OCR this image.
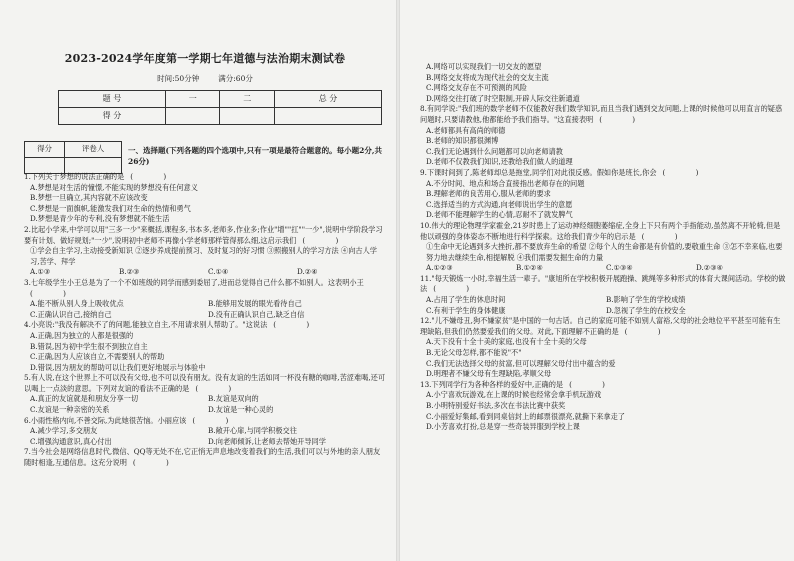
2023-2024学年度第一学期七年道德与法治期末测试卷
时间:50分钟	满分:60分
题 号	一	二	总 分
得 分			
得分	评卷人
		一、选择题(下列各题的四个选项中,只有一项是最符合题意的。每小题2分,共26分)

1.下列关于梦想的说法正确的是 ( )

A.梦想是对生活的憧憬,不能实现的梦想没有任何意义
B.梦想一旦确立,其内容就不应该改变
C.梦想是一面旗帜,能激发我们对生命的热情和勇气
D.梦想是青少年的专利,没有梦想就不能生活

2.比起小学来,中学可以用"三多一少"来概括,课程多,书本多,老师多,作业多;作业"增""扛""一少",说明中学阶段学习要有计划、做好规划;"一少",说明初中老师不再像小学老师那样管得那么细,这启示我们 ( )

①学会自主学习,主动接受新知识 ②逐步养成提前预习、及时复习的好习惯 ③照搬别人的学习方法 ④向古人学习,苦学、拜学
A.①③	B.②③	C.①④	D.②④

3.七年级学生小王总是为了一个不如班级的同学而感到委屈了,进而总觉得自己什么都不如别人。这表明小王( )

A.能不断从别人身上吸收优点	B.能够用发展的眼光看待自己
C.正确认识自己,接纳自己	D.没有正确认识自己,缺乏自信

4.小亮说:"我没有解决不了的问题,能独立自主,不用请求别人帮助了。"这说法 ( )

A.正确,因为独立的人都是很强的
B.错误,因为初中学生很不到独立自主
C.正确,因为人应该自立,不需要别人的帮助
D.错误,因为朋友的帮助可以让我们更好地展示与体验中

5.有人说,在这个世界上不可以没有父母,也不可以没有朋友。没有友谊的生活如同一杯没有糖的咖啡,苦涩难喝,还可以喝上一点淡的意思。下列对友谊的看法不正确的是 ( )

A.真正的友谊就是和朋友分享一切	B.友谊是双向的
C.友谊是一种亲密的关系	D.友谊是一种心灵的

6.小雨性格内向,不善交际,为此她很苦恼。小丽应该 ( )

A.减少学习,多交朋友	B.敞开心扉,与同学积极交往
C.增强沟通意识,真心付出	D.向老师倾诉,让老师去帮她开导同学

7.当今社会是网络信息时代,微信、QQ等无处不在,它正悄无声息地改变着我们的生活,我们可以与外地的亲人朋友随时相逢,互通信息。这充分说明 ( )

A.网络可以实现我们一切交友的愿望
B.网络交友将成为现代社会的交友主流
C.网络交友存在不可预测的风险
D.网络交往打破了时空限制,开辟人际交往新通道

8.有同学说:"我们班的数学老师不仅能教好我们数学知识,而且当我们遇到交友问题,上课的时候他可以用直言的疑惑问题时,只要请教他,他都能给予我们指导。"这直接表明 ( )

A.老师都具有高尚的师德
B.老师的知识都很渊博
C.我们无论遇到什么问题都可以向老师请教
D.老师不仅教我们知识,还教给我们做人的道理

9.下课时间到了,陈老师却总是拖堂,同学们对此很反感。假如你是班长,你会 ( )

A.不分时间、地点和场合直接指出老师存在的问题
B.理解老师的良苦用心,服从老师的要求
C.选择适当的方式沟通,向老师说出学生的意愿
D.老师不能理解学生的心情,忍耐不了就发脾气

10.伟大的理论物理学家霍金,21岁时患上了运动神经细胞萎缩症,全身上下只有两个手指能动,虽然离不开轮椅,但是他以顽强的身体姿态不断地进行科学探索。这给我们青少年的启示是 ( )

①生命中无论遇到多大挫折,都不要放弃生命的希望 ②每个人的生命都是有价值的,要敬重生命 ③怎不幸来临,也要努力地去继续生命,相提解脱 ④我们需要发掘生命的力量
A.①②③	B.①②④	C.①③④	D.②③④

11."每天锻炼一小时,幸福生活一辈子。"康旭所在学校积极开展跑操、跳绳等多种形式的体育大课间活动。学校的做法 ( )

A.占用了学生的休息时间	B.影响了学生的学校成绩
C.有利于学生的身体健康	D.忽视了学生的在校安全

12."儿不嫌母丑,狗不嫌家贫"是中国的一句古话。自己的家庭可能不如别人富裕,父母的社会地位平平甚至可能有生理缺陷,但我们仍然要爱我们的父母。对此,下面理解不正确的是 ( )

A.天下没有十全十美的家庭,也没有十全十美的父母
B.无论父母怎样,都不能说"不"
C.我们无法选择父母的贫富,但可以理解父母付出中蕴含的爱
D.明理者不嫌父母有生理缺陷,孝顺父母

13.下列同学行为各种各样的爱好中,正确的是 ( )

A.小宁喜欢玩游戏,在上课的时候也经常会拿手机玩游戏
B.小明特别爱好书法,多次在书法比赛中获奖
C.小丽爱好集邮,看到同桌信封上的邮票很漂亮,就撕下来拿走了
D.小芳喜欢打扮,总是穿一些奇装异服到学校上课
